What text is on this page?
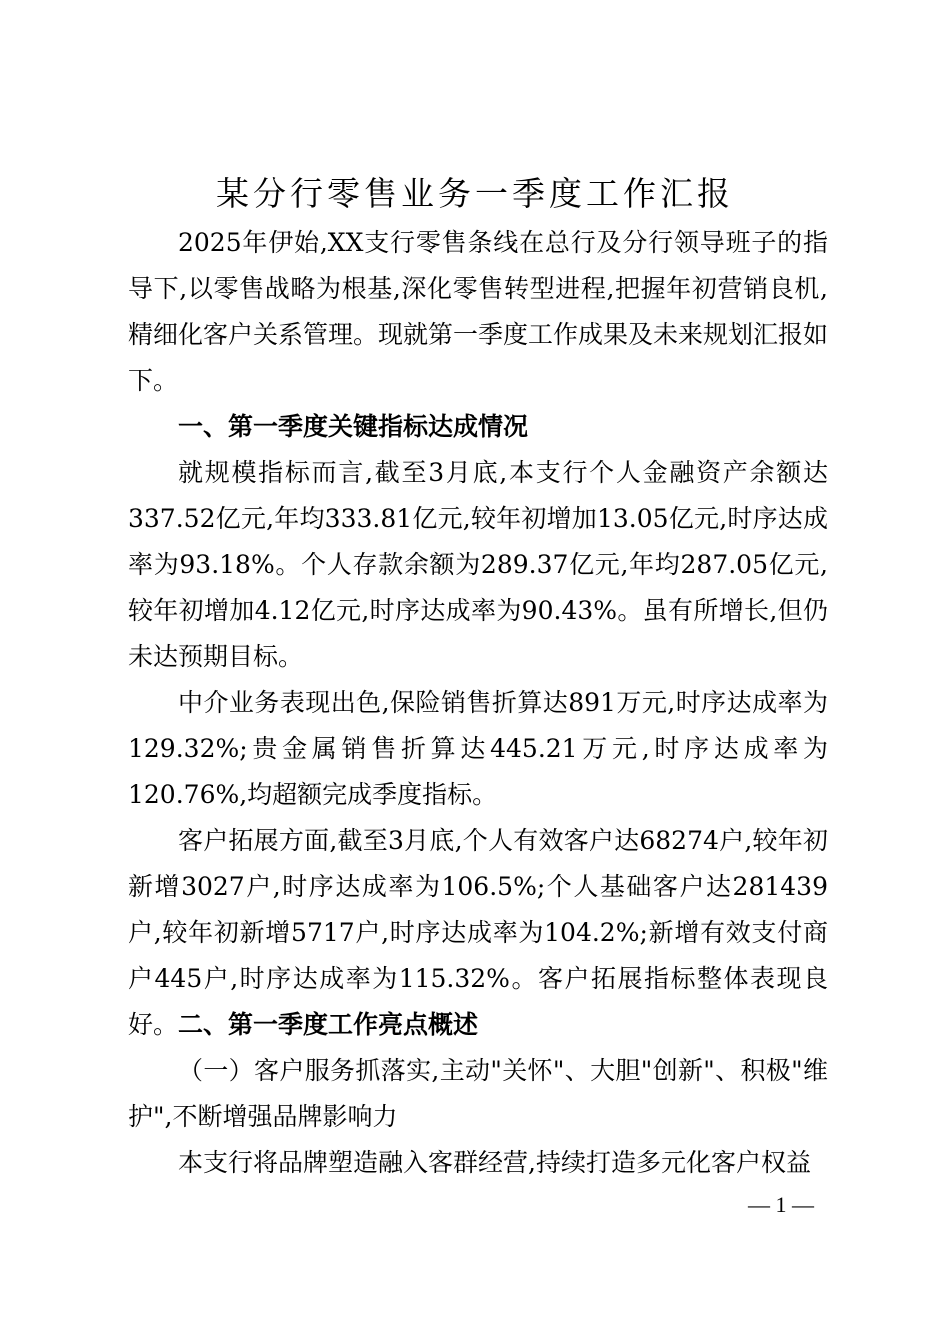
某分行零售业务一季度工作汇报

2025年伊始,XX支行零售条线在总行及分行领导班子的指导下,以零售战略为根基,深化零售转型进程,把握年初营销良机,精细化客户关系管理。现就第一季度工作成果及未来规划汇报如下。

一、第一季度关键指标达成情况

就规模指标而言,截至3月底,本支行个人金融资产余额达337.52亿元,年均333.81亿元,较年初增加13.05亿元,时序达成率为93.18%。个人存款余额为289.37亿元,年均287.05亿元,较年初增加4.12亿元,时序达成率为90.43%。虽有所增长,但仍未达预期目标。

中介业务表现出色,保险销售折算达891万元,时序达成率为129.32%;贵金属销售折算达445.21万元,时序达成率为120.76%,均超额完成季度指标。

客户拓展方面,截至3月底,个人有效客户达68274户,较年初新增3027户,时序达成率为106.5%;个人基础客户达281439户,较年初新增5717户,时序达成率为104.2%;新增有效支付商户445户,时序达成率为115.32%。客户拓展指标整体表现良好。 二、第一季度工作亮点概述

（一）客户服务抓落实,主动"关怀"、大胆"创新"、积极"维护",不断增强品牌影响力

本支行将品牌塑造融入客群经营,持续打造多元化客户权益

— 1 —
